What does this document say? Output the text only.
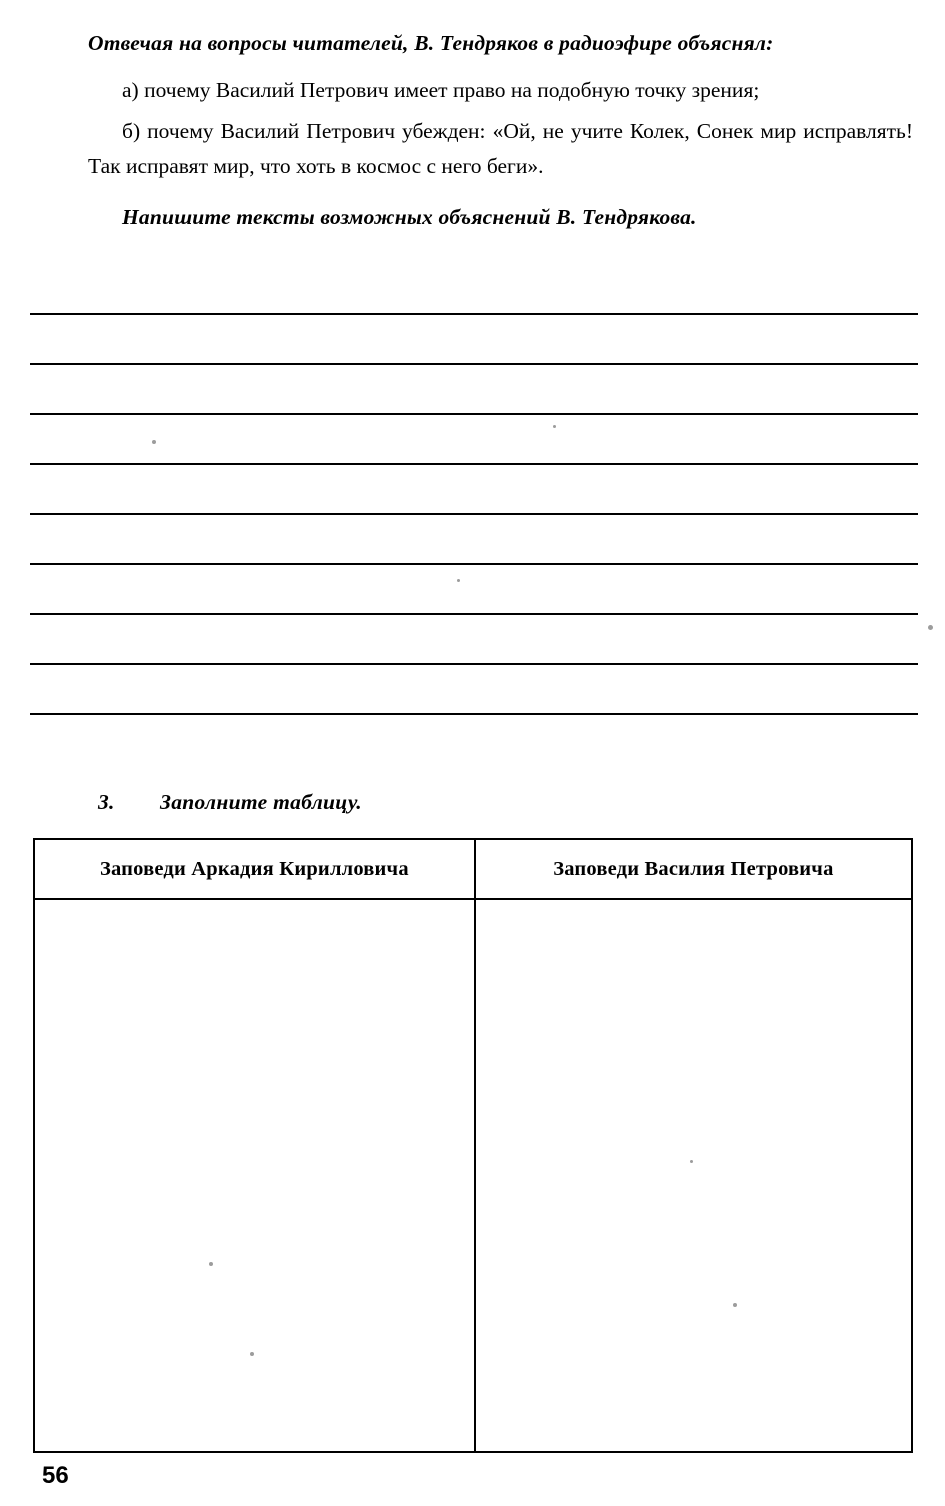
Отвечая на вопросы читателей, В. Тендряков в радиоэфире объяснял:

а) почему Василий Петрович имеет право на подобную точку зрения;

б) почему Василий Петрович убежден: «Ой, не учите Колек, Сонек мир исправлять! Так исправят мир, что хоть в космос с него беги».

Напишите тексты возможных объяснений В. Тендрякова.

3. Заполните таблицу.
Заповеди Аркадия Кирилловича	Заповеди Василия Петровича

56
